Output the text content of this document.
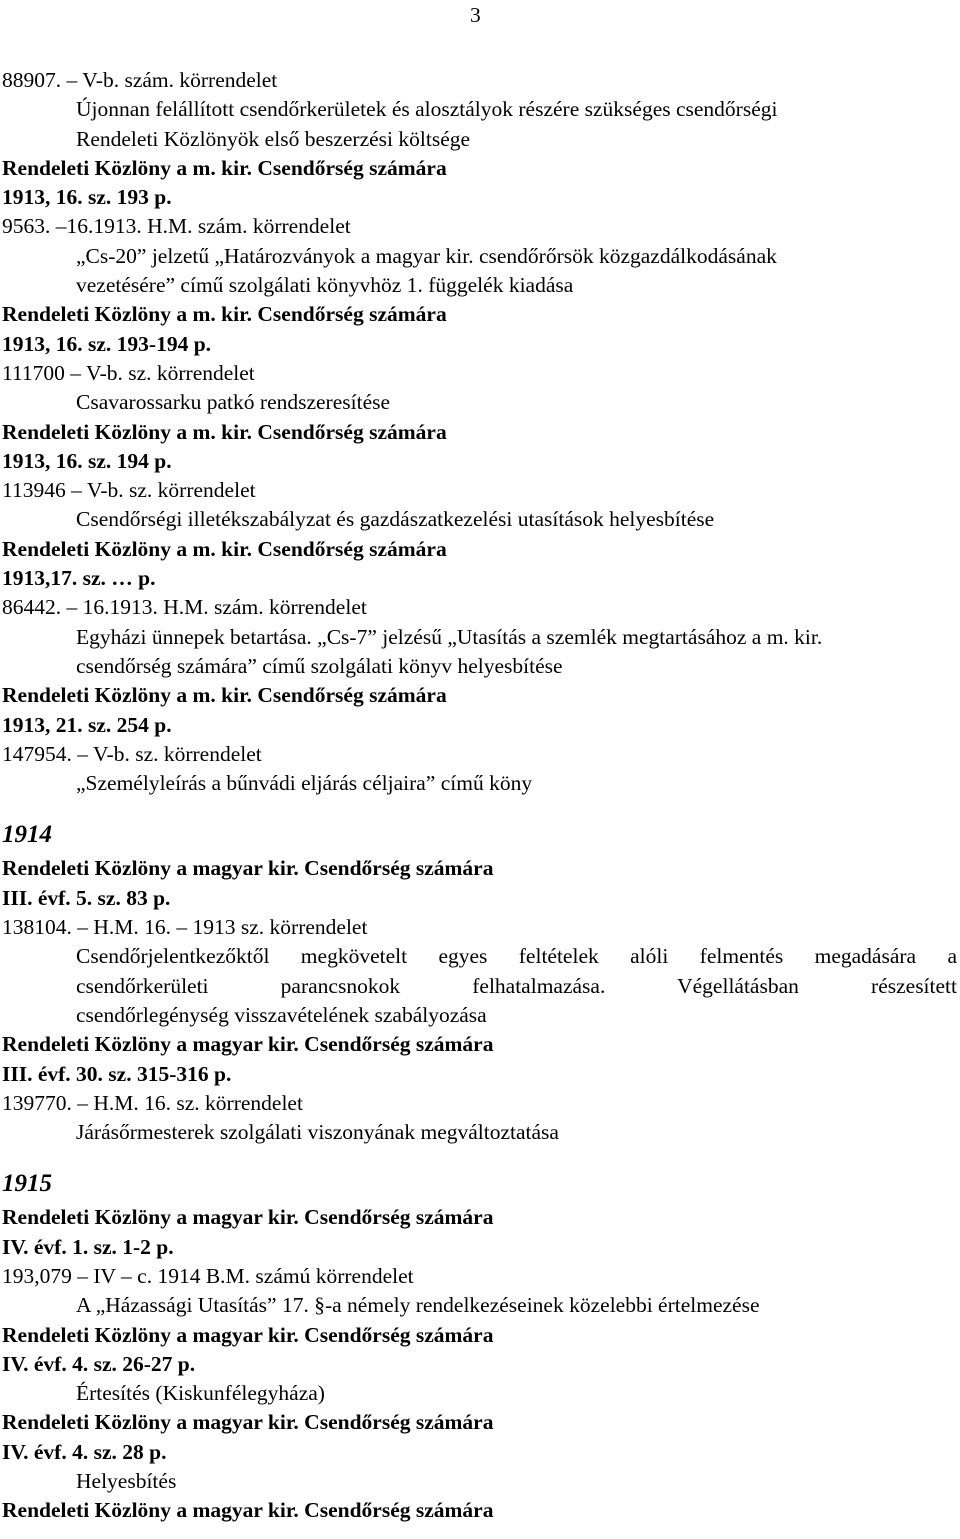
3
88907. – V-b. szám. körrendelet
Újonnan felállított csendőrkerületek és alosztályok részére szükséges csendőrségi
Rendeleti Közlönyök első beszerzési költsége
Rendeleti Közlöny a m. kir. Csendőrség számára
1913, 16. sz. 193 p.
9563. –16.1913. H.M. szám. körrendelet
„Cs-20” jelzetű „Határozványok a magyar kir. csendőrőrsök közgazdálkodásának
vezetésére” című szolgálati könyvhöz 1. függelék kiadása
Rendeleti Közlöny a m. kir. Csendőrség számára
1913, 16. sz. 193-194 p.
111700 – V-b. sz. körrendelet
Csavarossarku patkó rendszeresítése
Rendeleti Közlöny a m. kir. Csendőrség számára
1913, 16. sz. 194 p.
113946 – V-b. sz. körrendelet
Csendőrségi illetékszabályzat és gazdászatkezelési utasítások helyesbítése
Rendeleti Közlöny a m. kir. Csendőrség számára
1913,17. sz. … p.
86442. – 16.1913. H.M. szám. körrendelet
Egyházi ünnepek betartása. „Cs-7” jelzésű „Utasítás a szemlék megtartásához a m. kir.
csendőrség számára” című szolgálati könyv helyesbítése
Rendeleti Közlöny a m. kir. Csendőrség számára
1913, 21. sz. 254 p.
147954. – V-b. sz. körrendelet
„Személyleírás a bűnvádi eljárás céljaira” című köny
1914
Rendeleti Közlöny a magyar kir. Csendőrség számára
III. évf. 5. sz. 83 p.
138104. – H.M. 16. – 1913 sz. körrendelet
Csendőrjelentkezőktől megkövetelt egyes feltételek alóli felmentés megadására a
csendőrkerületi parancsnokok felhatalmazása. Végellátásban részesített
csendőrlegénység visszavételének szabályozása
Rendeleti Közlöny a magyar kir. Csendőrség számára
III. évf. 30. sz. 315-316 p.
139770. – H.M. 16. sz. körrendelet
Járásőrmesterek szolgálati viszonyának megváltoztatása
1915
Rendeleti Közlöny a magyar kir. Csendőrség számára
IV. évf. 1. sz. 1-2 p.
193,079 – IV – c. 1914 B.M. számú körrendelet
A „Házassági Utasítás” 17. §-a némely rendelkezéseinek közelebbi értelmezése
Rendeleti Közlöny a magyar kir. Csendőrség számára
IV. évf. 4. sz. 26-27 p.
Értesítés (Kiskunfélegyháza)
Rendeleti Közlöny a magyar kir. Csendőrség számára
IV. évf. 4. sz. 28 p.
Helyesbítés
Rendeleti Közlöny a magyar kir. Csendőrség számára
